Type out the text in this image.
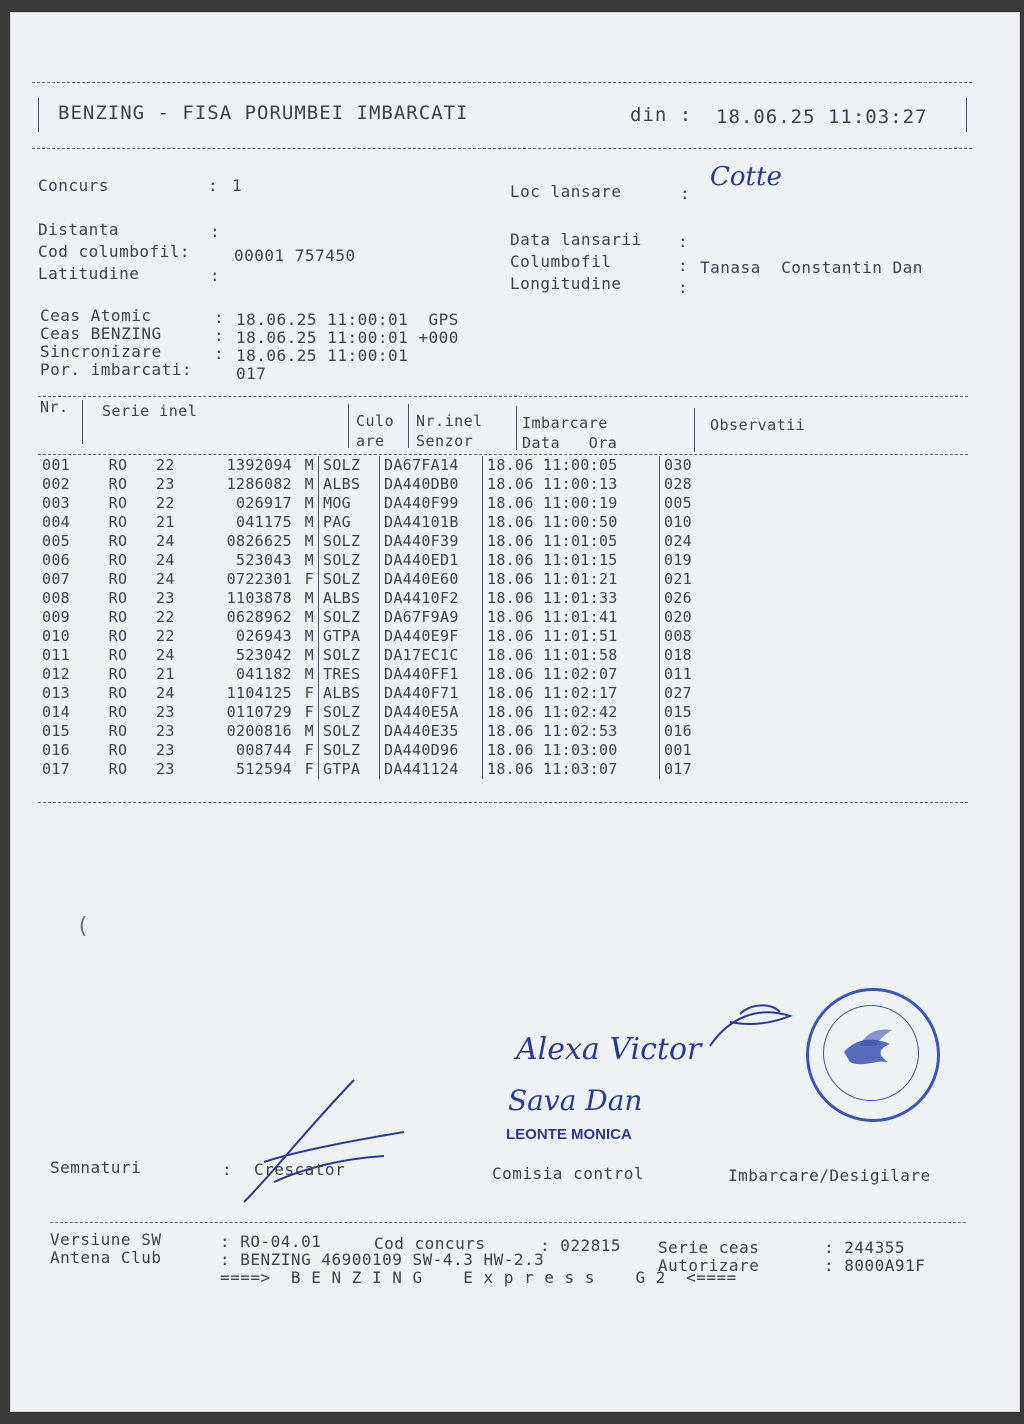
BENZING - FISA PORUMBEI IMBARCATI	din : 18.06.25 11:03:27
Concurs	: 1
Distanta	:
Cod columbofil:	00001 757450
Latitudine	:
Loc lansare	:
Cotte
Data lansarii :
Columbofil	: Tanasa  Constantin Dan
Longitudine	:
Ceas Atomic	: 18.06.25 11:00:01  GPS
Ceas BENZING	: 18.06.25 11:00:01 +000
Sincronizare	: 18.06.25 11:00:01
Por. imbarcati:	017
Nr. Serie inel
Culo
are
Nr.inel
Senzor
Imbarcare
Data   Ora
Observatii
001	RO	22	1392094	M	SOLZ	DA67FA14	18.06 11:00:05	030
002	RO	23	1286082	M	ALBS	DA440DB0	18.06 11:00:13	028
003	RO	22	026917	M	MOG	DA440F99	18.06 11:00:19	005
004	RO	21	041175	M	PAG	DA44101B	18.06 11:00:50	010
005	RO	24	0826625	M	SOLZ	DA440F39	18.06 11:01:05	024
006	RO	24	523043	M	SOLZ	DA440ED1	18.06 11:01:15	019
007	RO	24	0722301	F	SOLZ	DA440E60	18.06 11:01:21	021
008	RO	23	1103878	M	ALBS	DA4410F2	18.06 11:01:33	026
009	RO	22	0628962	M	SOLZ	DA67F9A9	18.06 11:01:41	020
010	RO	22	026943	M	GTPA	DA440E9F	18.06 11:01:51	008
011	RO	24	523042	M	SOLZ	DA17EC1C	18.06 11:01:58	018
012	RO	21	041182	M	TRES	DA440FF1	18.06 11:02:07	011
013	RO	24	1104125	F	ALBS	DA440F71	18.06 11:02:17	027
014	RO	23	0110729	F	SOLZ	DA440E5A	18.06 11:02:42	015
015	RO	23	0200816	M	SOLZ	DA440E35	18.06 11:02:53	016
016	RO	23	008744	F	SOLZ	DA440D96	18.06 11:03:00	001
017	RO	23	512594	F	GTPA	DA441124	18.06 11:03:07	017
(
Alexa Victor
Sava Dan
LEONTE MONICA
Semnaturi	: Crescator	Comisia control	Imbarcare/Desigilare
Versiune SW	: RO-04.01	Cod concurs	: 022815 Serie ceas	: 244355
Antena Club	: BENZING 46900109 SW-4.3 HW-2.3	Autorizare	: 8000A91F
====>  B E N Z I N G    E x p r e s s    G 2  <====
